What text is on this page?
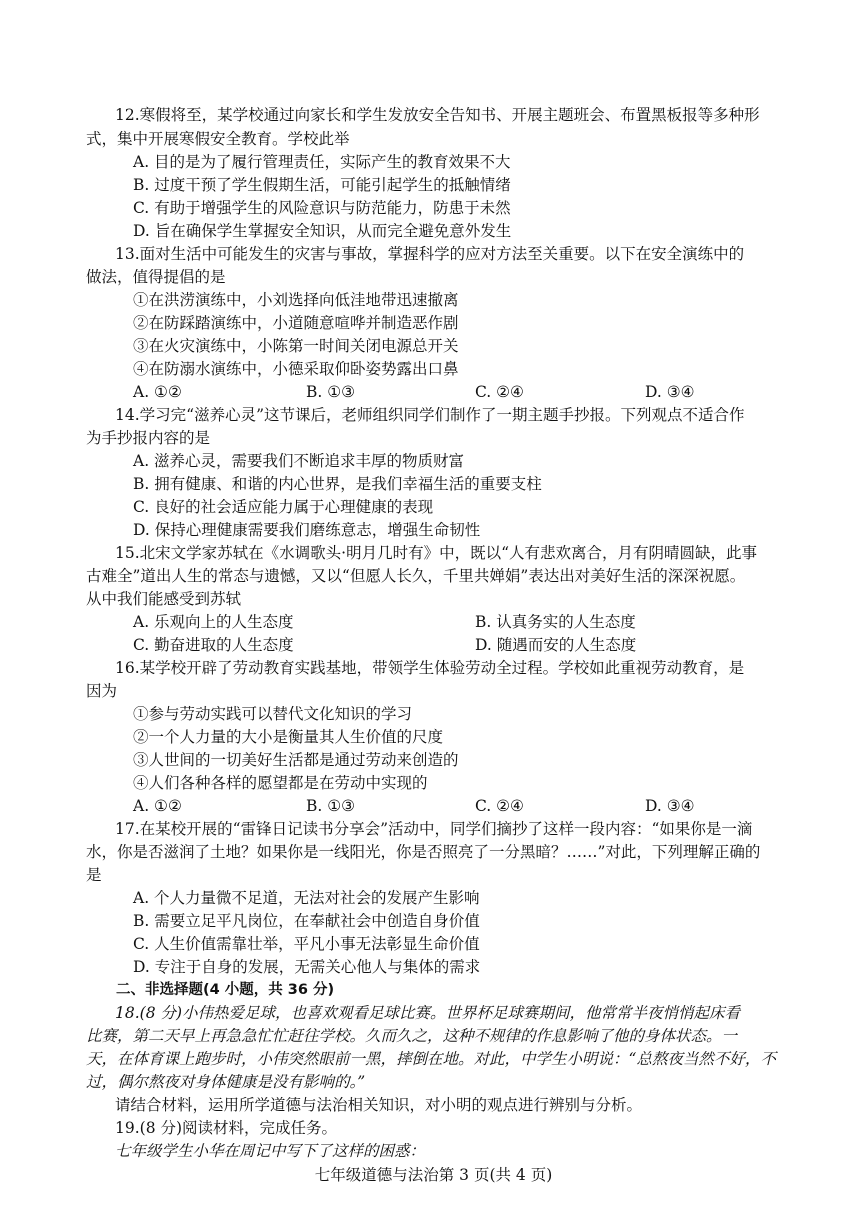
12.寒假将至，某学校通过向家长和学生发放安全告知书、开展主题班会、布置黑板报等多种形
式，集中开展寒假安全教育。学校此举
A. 目的是为了履行管理责任，实际产生的教育效果不大
B. 过度干预了学生假期生活，可能引起学生的抵触情绪
C. 有助于增强学生的风险意识与防范能力，防患于未然
D. 旨在确保学生掌握安全知识，从而完全避免意外发生
13.面对生活中可能发生的灾害与事故，掌握科学的应对方法至关重要。以下在安全演练中的
做法，值得提倡的是
①在洪涝演练中，小刘选择向低洼地带迅速撤离
②在防踩踏演练中，小道随意喧哗并制造恶作剧
③在火灾演练中，小陈第一时间关闭电源总开关
④在防溺水演练中，小德采取仰卧姿势露出口鼻
A. ①②	B. ①③	C. ②④	D. ③④
14.学习完“滋养心灵”这节课后，老师组织同学们制作了一期主题手抄报。下列观点不适合作
为手抄报内容的是
A. 滋养心灵，需要我们不断追求丰厚的物质财富
B. 拥有健康、和谐的内心世界，是我们幸福生活的重要支柱
C. 良好的社会适应能力属于心理健康的表现
D. 保持心理健康需要我们磨练意志，增强生命韧性
15.北宋文学家苏轼在《水调歌头·明月几时有》中，既以“人有悲欢离合，月有阴晴圆缺，此事
古难全”道出人生的常态与遗憾，又以“但愿人长久，千里共婵娟”表达出对美好生活的深深祝愿。
从中我们能感受到苏轼
A. 乐观向上的人生态度	B. 认真务实的人生态度
C. 勤奋进取的人生态度	D. 随遇而安的人生态度
16.某学校开辟了劳动教育实践基地，带领学生体验劳动全过程。学校如此重视劳动教育，是
因为
①参与劳动实践可以替代文化知识的学习
②一个人力量的大小是衡量其人生价值的尺度
③人世间的一切美好生活都是通过劳动来创造的
④人们各种各样的愿望都是在劳动中实现的
A. ①②	B. ①③	C. ②④	D. ③④
17.在某校开展的“雷锋日记读书分享会”活动中，同学们摘抄了这样一段内容：“如果你是一滴
水，你是否滋润了土地？如果你是一线阳光，你是否照亮了一分黑暗？……”对此，下列理解正确的
是
A. 个人力量微不足道，无法对社会的发展产生影响
B. 需要立足平凡岗位，在奉献社会中创造自身价值
C. 人生价值需靠壮举，平凡小事无法彰显生命价值
D. 专注于自身的发展，无需关心他人与集体的需求
二、非选择题(4 小题，共 36 分)
18.(8 分)小伟热爱足球，也喜欢观看足球比赛。世界杯足球赛期间，他常常半夜悄悄起床看
比赛，第二天早上再急急忙忙赶往学校。久而久之，这种不规律的作息影响了他的身体状态。一
天，在体育课上跑步时，小伟突然眼前一黑，摔倒在地。对此，中学生小明说：“总熬夜当然不好，不
过，偶尔熬夜对身体健康是没有影响的。”
请结合材料，运用所学道德与法治相关知识，对小明的观点进行辨别与分析。
19.(8 分)阅读材料，完成任务。
七年级学生小华在周记中写下了这样的困惑：
七年级道德与法治第 3 页(共 4 页)
